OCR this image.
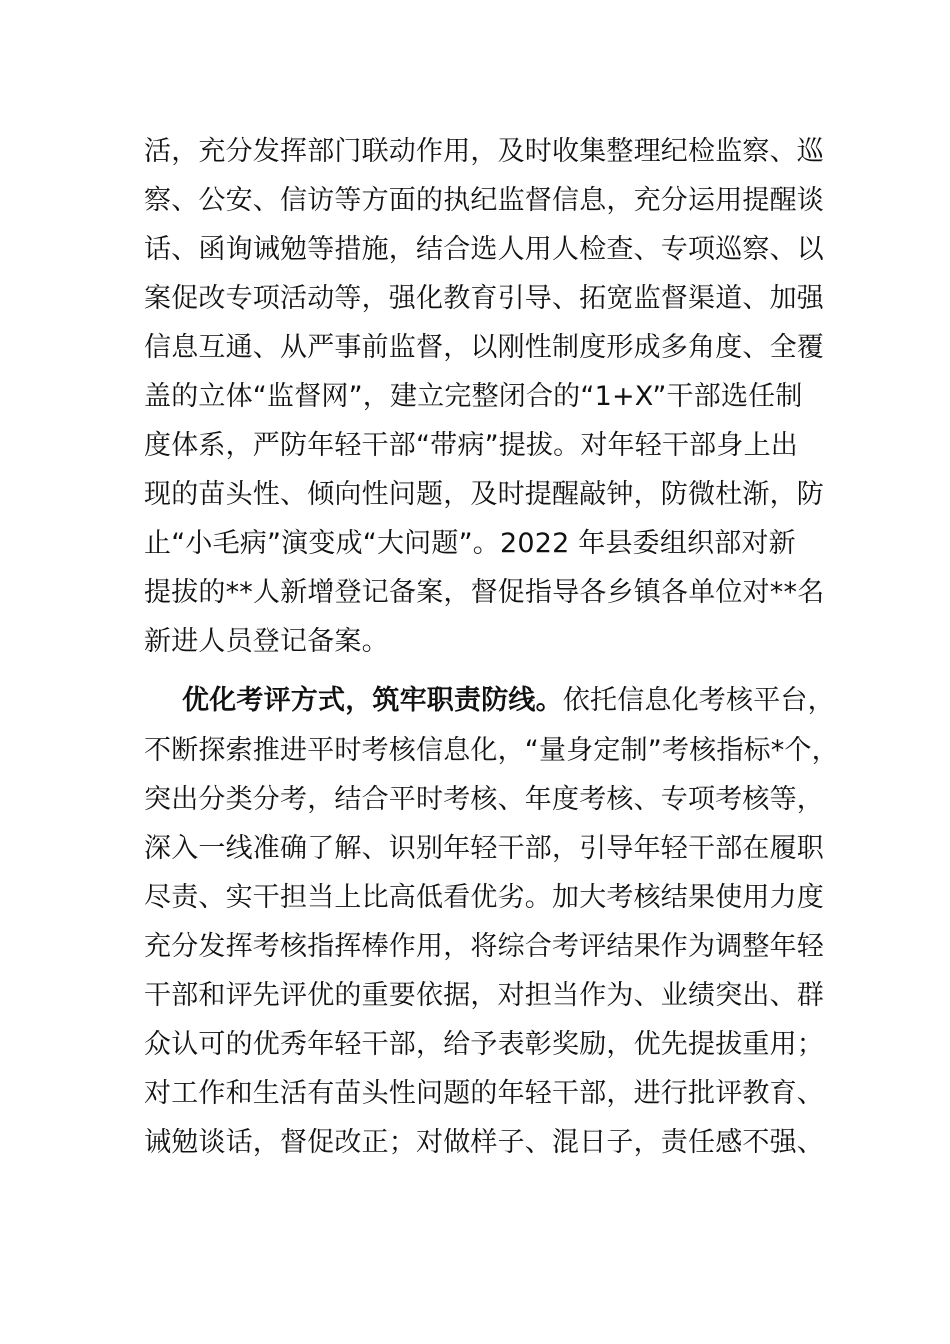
活，充分发挥部门联动作用，及时收集整理纪检监察、巡
察、公安、信访等方面的执纪监督信息，充分运用提醒谈
话、函询诫勉等措施，结合选人用人检查、专项巡察、以
案促改专项活动等，强化教育引导、拓宽监督渠道、加强
信息互通、从严事前监督，以刚性制度形成多角度、全覆
盖的立体“监督网”，建立完整闭合的“1+X”干部选任制
度体系，严防年轻干部“带病”提拔。对年轻干部身上出
现的苗头性、倾向性问题，及时提醒敲钟，防微杜渐，防
止“小毛病”演变成“大问题”。2022 年县委组织部对新
提拔的**人新增登记备案，督促指导各乡镇各单位对**名
新进人员登记备案。
优化考评方式，筑牢职责防线。依托信息化考核平台，
不断探索推进平时考核信息化，“量身定制”考核指标*个，
突出分类分考，结合平时考核、年度考核、专项考核等，
深入一线准确了解、识别年轻干部，引导年轻干部在履职
尽责、实干担当上比高低看优劣。加大考核结果使用力度
充分发挥考核指挥棒作用，将综合考评结果作为调整年轻
干部和评先评优的重要依据，对担当作为、业绩突出、群
众认可的优秀年轻干部，给予表彰奖励，优先提拔重用；
对工作和生活有苗头性问题的年轻干部，进行批评教育、
诫勉谈话，督促改正；对做样子、混日子，责任感不强、
